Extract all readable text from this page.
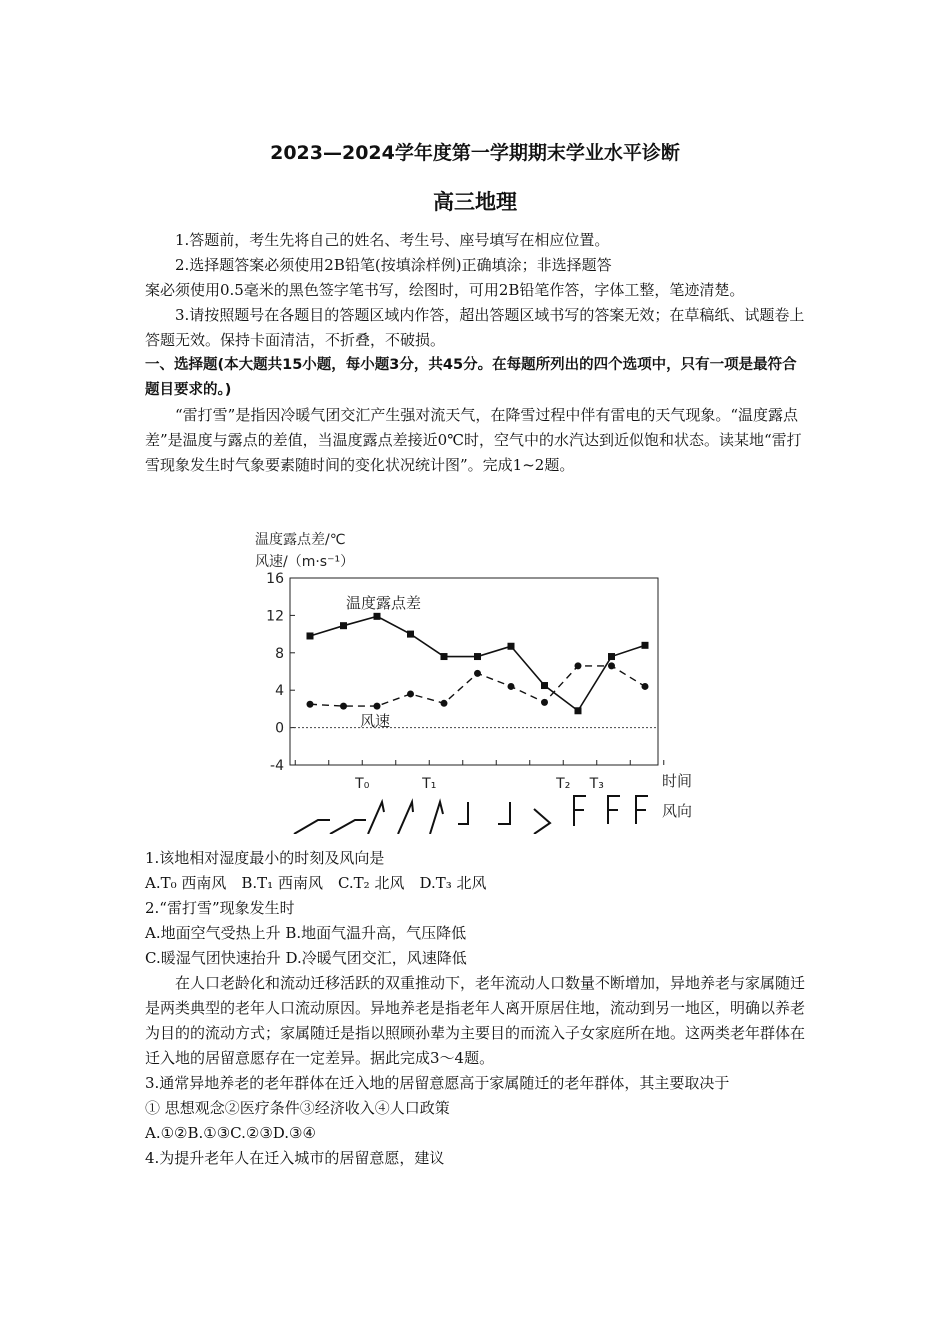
2023—2024学年度第一学期期末学业水平诊断
高三地理

1.答题前，考生先将自己的姓名、考生号、座号填写在相应位置。

2.选择题答案必须使用2B铅笔(按填涂样例)正确填涂；非选择题答

案必须使用0.5毫米的黑色签字笔书写，绘图时，可用2B铅笔作答，字体工整，笔迹清楚。

3.请按照题号在各题目的答题区域内作答，超出答题区域书写的答案无效；在草稿纸、试题卷上答题无效。保持卡面清洁，不折叠，不破损。

一、选择题(本大题共15小题，每小题3分，共45分。在每题所列出的四个选项中，只有一项是最符合题目要求的。)

“雷打雪”是指因冷暖气团交汇产生强对流天气，在降雪过程中伴有雷电的天气现象。“温度露点差”是温度与露点的差值，当温度露点差接近0℃时，空气中的水汽达到近似饱和状态。读某地“雷打雪现象发生时气象要素随时间的变化状况统计图”。完成1~2题。

温度露点差/℃
风速/（m·s⁻¹）
16
12
8
4
0
-4
温度露点差
风速
T₀	T₁	T₂ T₃	时间
风向

1.该地相对湿度最小的时刻及风向是

A.T₀ 西南风　B.T₁ 西南风　C.T₂ 北风　D.T₃ 北风

2.“雷打雪”现象发生时

A.地面空气受热上升 B.地面气温升高，气压降低

C.暖湿气团快速抬升 D.冷暖气团交汇，风速降低

在人口老龄化和流动迁移活跃的双重推动下，老年流动人口数量不断增加，异地养老与家属随迁是两类典型的老年人口流动原因。异地养老是指老年人离开原居住地，流动到另一地区，明确以养老为目的的流动方式；家属随迁是指以照顾孙辈为主要目的而流入子女家庭所在地。这两类老年群体在迁入地的居留意愿存在一定差异。据此完成3～4题。

3.通常异地养老的老年群体在迁入地的居留意愿高于家属随迁的老年群体，其主要取决于

① 思想观念②医疗条件③经济收入④人口政策

A.①②B.①③C.②③D.③④

4.为提升老年人在迁入城市的居留意愿，建议
